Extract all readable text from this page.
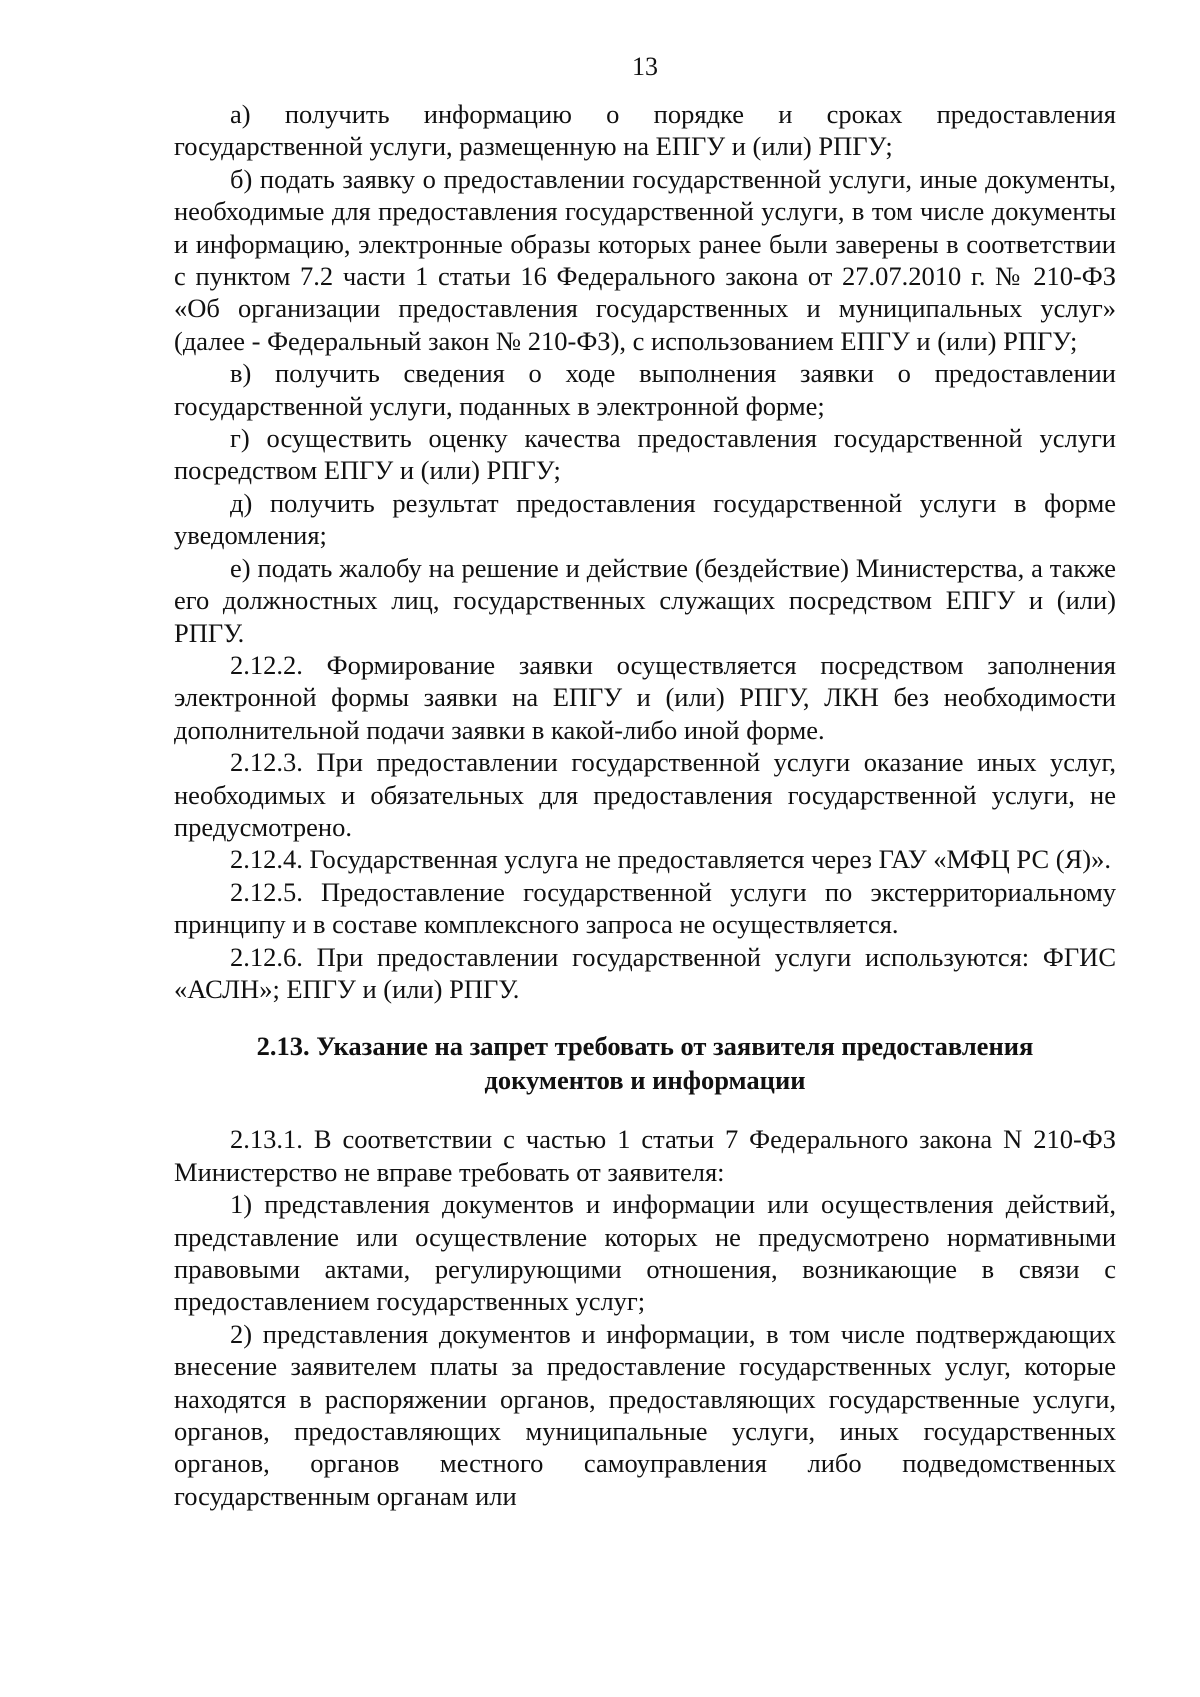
13

а) получить информацию о порядке и сроках предоставления государственной услуги, размещенную на ЕПГУ и (или) РПГУ;

б) подать заявку о предоставлении государственной услуги, иные документы, необходимые для предоставления государственной услуги, в том числе документы и информацию, электронные образы которых ранее были заверены в соответствии с пунктом 7.2 части 1 статьи 16 Федерального закона от 27.07.2010 г. № 210-ФЗ «Об организации предоставления государственных и муниципальных услуг» (далее - Федеральный закон № 210-ФЗ), с использованием ЕПГУ и (или) РПГУ;

в) получить сведения о ходе выполнения заявки о предоставлении государственной услуги, поданных в электронной форме;

г) осуществить оценку качества предоставления государственной услуги посредством ЕПГУ и (или) РПГУ;

д) получить результат предоставления государственной услуги в форме уведомления;

е) подать жалобу на решение и действие (бездействие) Министерства, а также его должностных лиц, государственных служащих посредством ЕПГУ и (или) РПГУ.

2.12.2. Формирование заявки осуществляется посредством заполнения электронной формы заявки на ЕПГУ и (или) РПГУ, ЛКН без необходимости дополнительной подачи заявки в какой-либо иной форме.

2.12.3. При предоставлении государственной услуги оказание иных услуг, необходимых и обязательных для предоставления государственной услуги, не предусмотрено.

2.12.4. Государственная услуга не предоставляется через ГАУ «МФЦ РС (Я)».

2.12.5. Предоставление государственной услуги по экстерриториальному принципу и в составе комплексного запроса не осуществляется.

2.12.6. При предоставлении государственной услуги используются: ФГИС «АСЛН»; ЕПГУ и (или) РПГУ.

2.13. Указание на запрет требовать от заявителя предоставления документов и информации

2.13.1. В соответствии с частью 1 статьи 7 Федерального закона N 210-ФЗ Министерство не вправе требовать от заявителя:

1) представления документов и информации или осуществления действий, представление или осуществление которых не предусмотрено нормативными правовыми актами, регулирующими отношения, возникающие в связи с предоставлением государственных услуг;

2) представления документов и информации, в том числе подтверждающих внесение заявителем платы за предоставление государственных услуг, которые находятся в распоряжении органов, предоставляющих государственные услуги, органов, предоставляющих муниципальные услуги, иных государственных органов, органов местного самоуправления либо подведомственных государственным органам или
